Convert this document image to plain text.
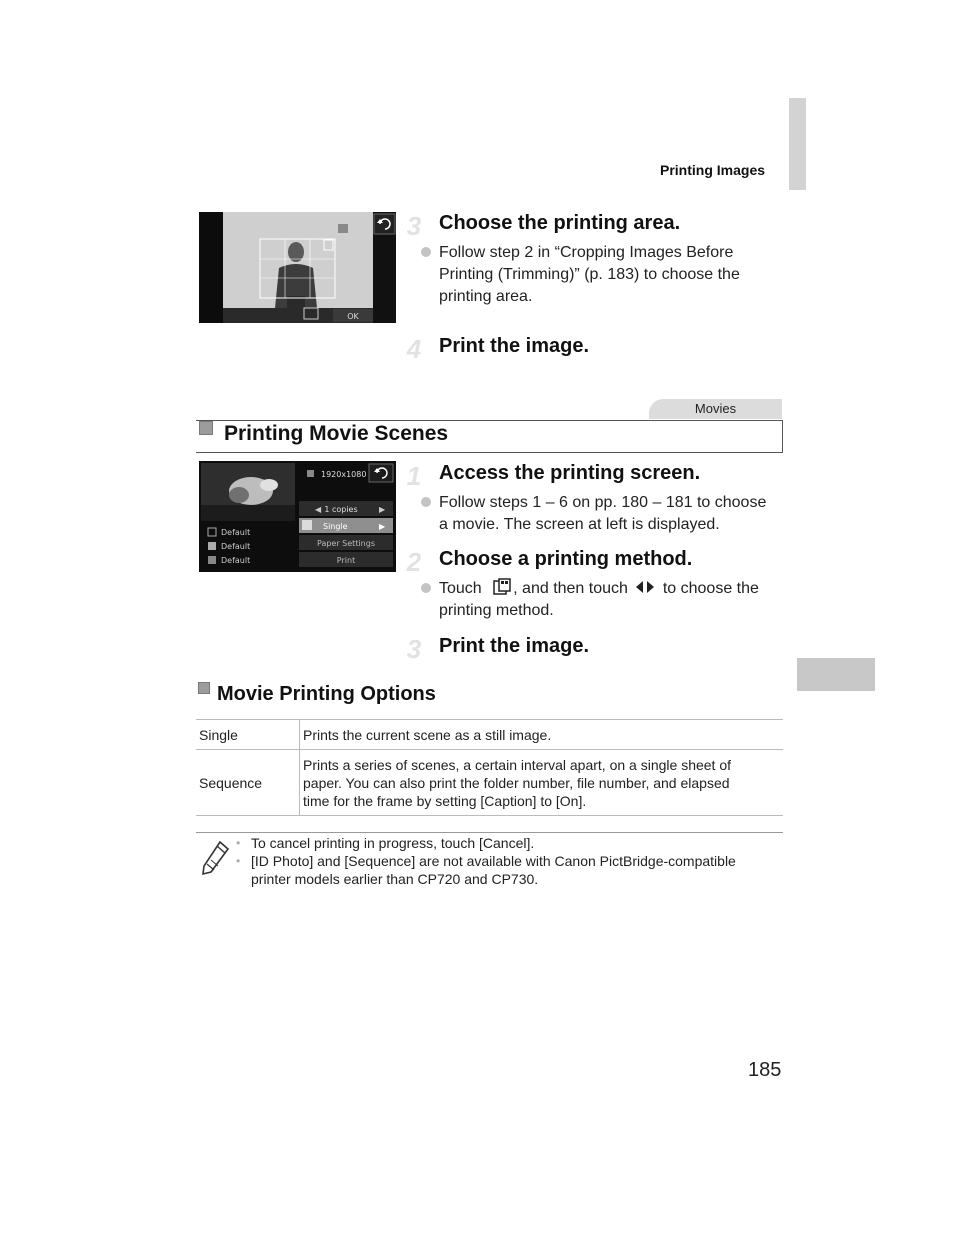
Printing Images
OK
3 Choose the printing area.
Follow step 2 in “Cropping Images Before
Printing (Trimming)” (p. 183) to choose the
printing area.
4 Print the image.
Movies
Printing Movie Scenes
1920x1080
◀ 1 copies	▶
Single	▶
Paper Settings
Print
Default
Default
Default
1 Access the printing screen.
Follow steps 1 – 6 on pp. 180 – 181 to choose
a movie. The screen at left is displayed.
2 Choose a printing method.
Touch , and then touch to choose the
printing method.
3 Print the image.
Movie Printing Options
Single	Prints the current scene as a still image.

Sequence	Prints a series of scenes, a certain interval apart, on a single sheet of
paper. You can also print the folder number, file number, and elapsed
time for the frame by setting [Caption] to [On].
• To cancel printing in progress, touch [Cancel].
• [ID Photo] and [Sequence] are not available with Canon PictBridge-compatible
printer models earlier than CP720 and CP730.
185
